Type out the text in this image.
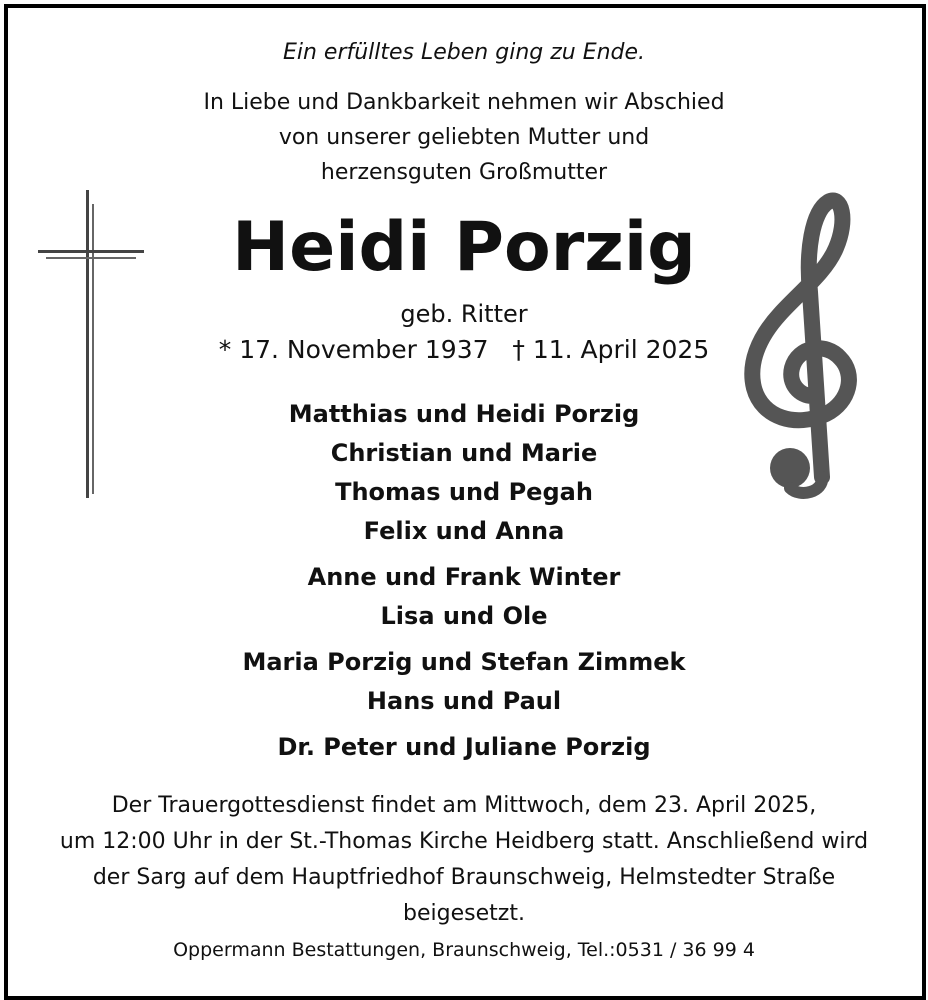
Ein erfülltes Leben ging zu Ende.
In Liebe und Dankbarkeit nehmen wir Abschied
von unserer geliebten Mutter und
herzensguten Großmutter
Heidi Porzig
geb. Ritter
* 17. November 1937   † 11. April 2025
Matthias und Heidi Porzig
Christian und Marie
Thomas und Pegah
Felix und Anna
Anne und Frank Winter
Lisa und Ole
Maria Porzig und Stefan Zimmek
Hans und Paul
Dr. Peter und Juliane Porzig
Der Trauergottesdienst findet am Mittwoch, dem 23. April 2025,
um 12:00 Uhr in der St.-Thomas Kirche Heidberg statt. Anschließend wird
der Sarg auf dem Hauptfriedhof Braunschweig, Helmstedter Straße
beigesetzt.
Oppermann Bestattungen, Braunschweig, Tel.:0531 / 36 99 4
